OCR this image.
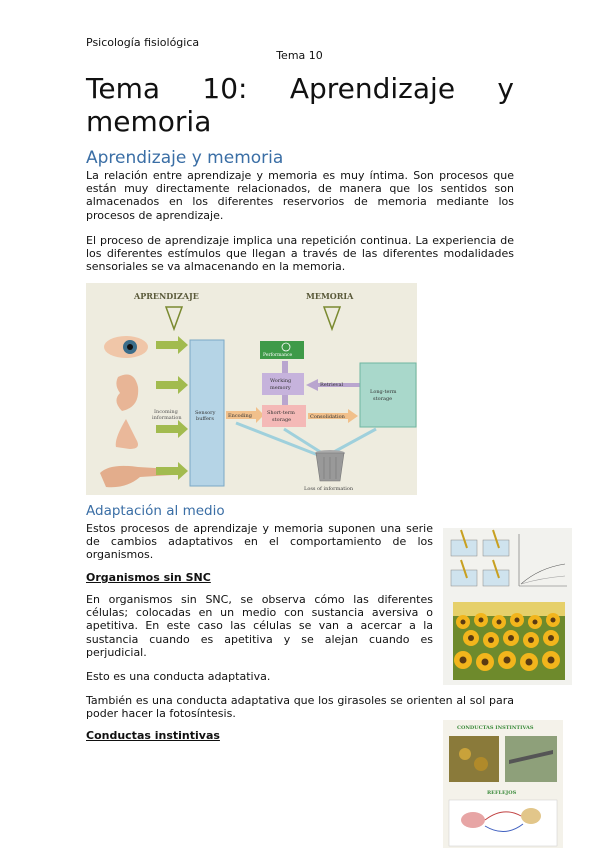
Psicología fisiológica
Tema 10
Tema 10: Aprendizaje y
memoria
Aprendizaje y memoria

La relación entre aprendizaje y memoria es muy íntima. Son procesos que están muy directamente relacionados, de manera que los sentidos son almacenados en los diferentes reservorios de memoria mediante los procesos de aprendizaje.

El proceso de aprendizaje implica una repetición continua. La experiencia de los diferentes estímulos que llegan a través de las diferentes modalidades sensoriales se va almacenando en la memoria.

APRENDIZAJE	MEMORIA
Incoming
information
Sensory
buffers	Encoding
Performance
Working
memory
Short-term
storage
Retrieval
Consolidation
Long-term
storage
Loss of information
Adaptación al medio

Estos procesos de aprendizaje y memoria suponen una serie de cambios adaptativos en el comportamiento de los organismos.

Organismos sin SNC

En organismos sin SNC, se observa cómo las diferentes células; colocadas en un medio con sustancia aversiva o apetitiva. En este caso las células se van a acercar a la sustancia cuando es apetitiva y se alejan cuando es perjudicial.

Esto es una conducta adaptativa.

También es una conducta adaptativa que los girasoles se orienten al sol para poder hacer la fotosíntesis.

Conductas instintivas
CONDUCTAS INSTINTIVAS
REFLEJOS
